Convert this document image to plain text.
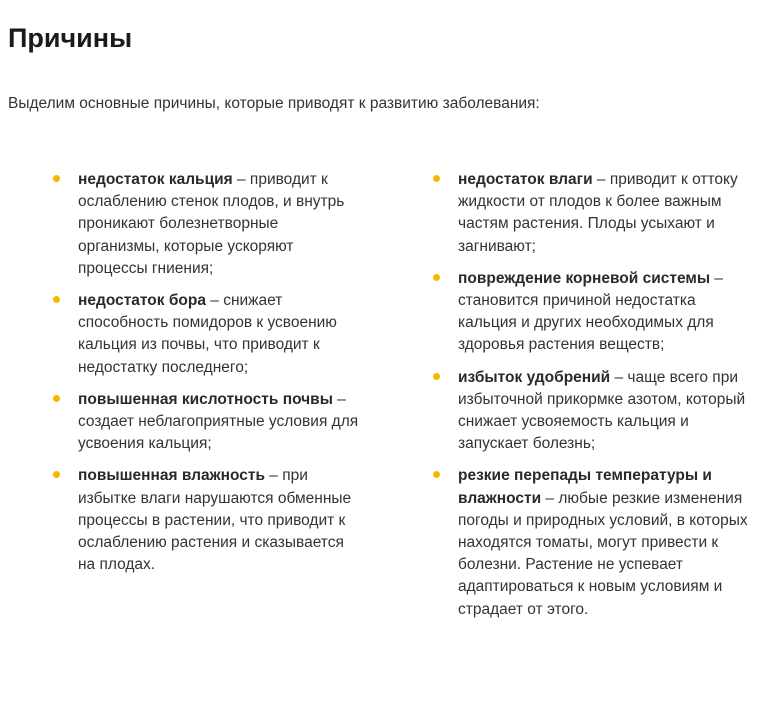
Причины

Выделим основные причины, которые приводят к развитию заболевания:

недостаток кальция – приводит к ослаблению стенок плодов, и внутрь проникают болезнетворные организмы, которые ускоряют процессы гниения;
недостаток бора – снижает способность помидоров к усвоению кальция из почвы, что приводит к недостатку последнего;
повышенная кислотность почвы – создает неблагоприятные условия для усвоения кальция;
повышенная влажность – при избытке влаги нарушаются обменные процессы в растении, что приводит к ослаблению растения и сказывается на плодах.
недостаток влаги – приводит к оттоку жидкости от плодов к более важным частям растения. Плоды усыхают и загнивают;
повреждение корневой системы – становится причиной недостатка кальция и других необходимых для здоровья растения веществ;
избыток удобрений – чаще всего при избыточной прикормке азотом, который снижает усвояемость кальция и запускает болезнь;
резкие перепады температуры и влажности – любые резкие изменения погоды и природных условий, в которых находятся томаты, могут привести к болезни. Растение не успевает адаптироваться к новым условиям и страдает от этого.
